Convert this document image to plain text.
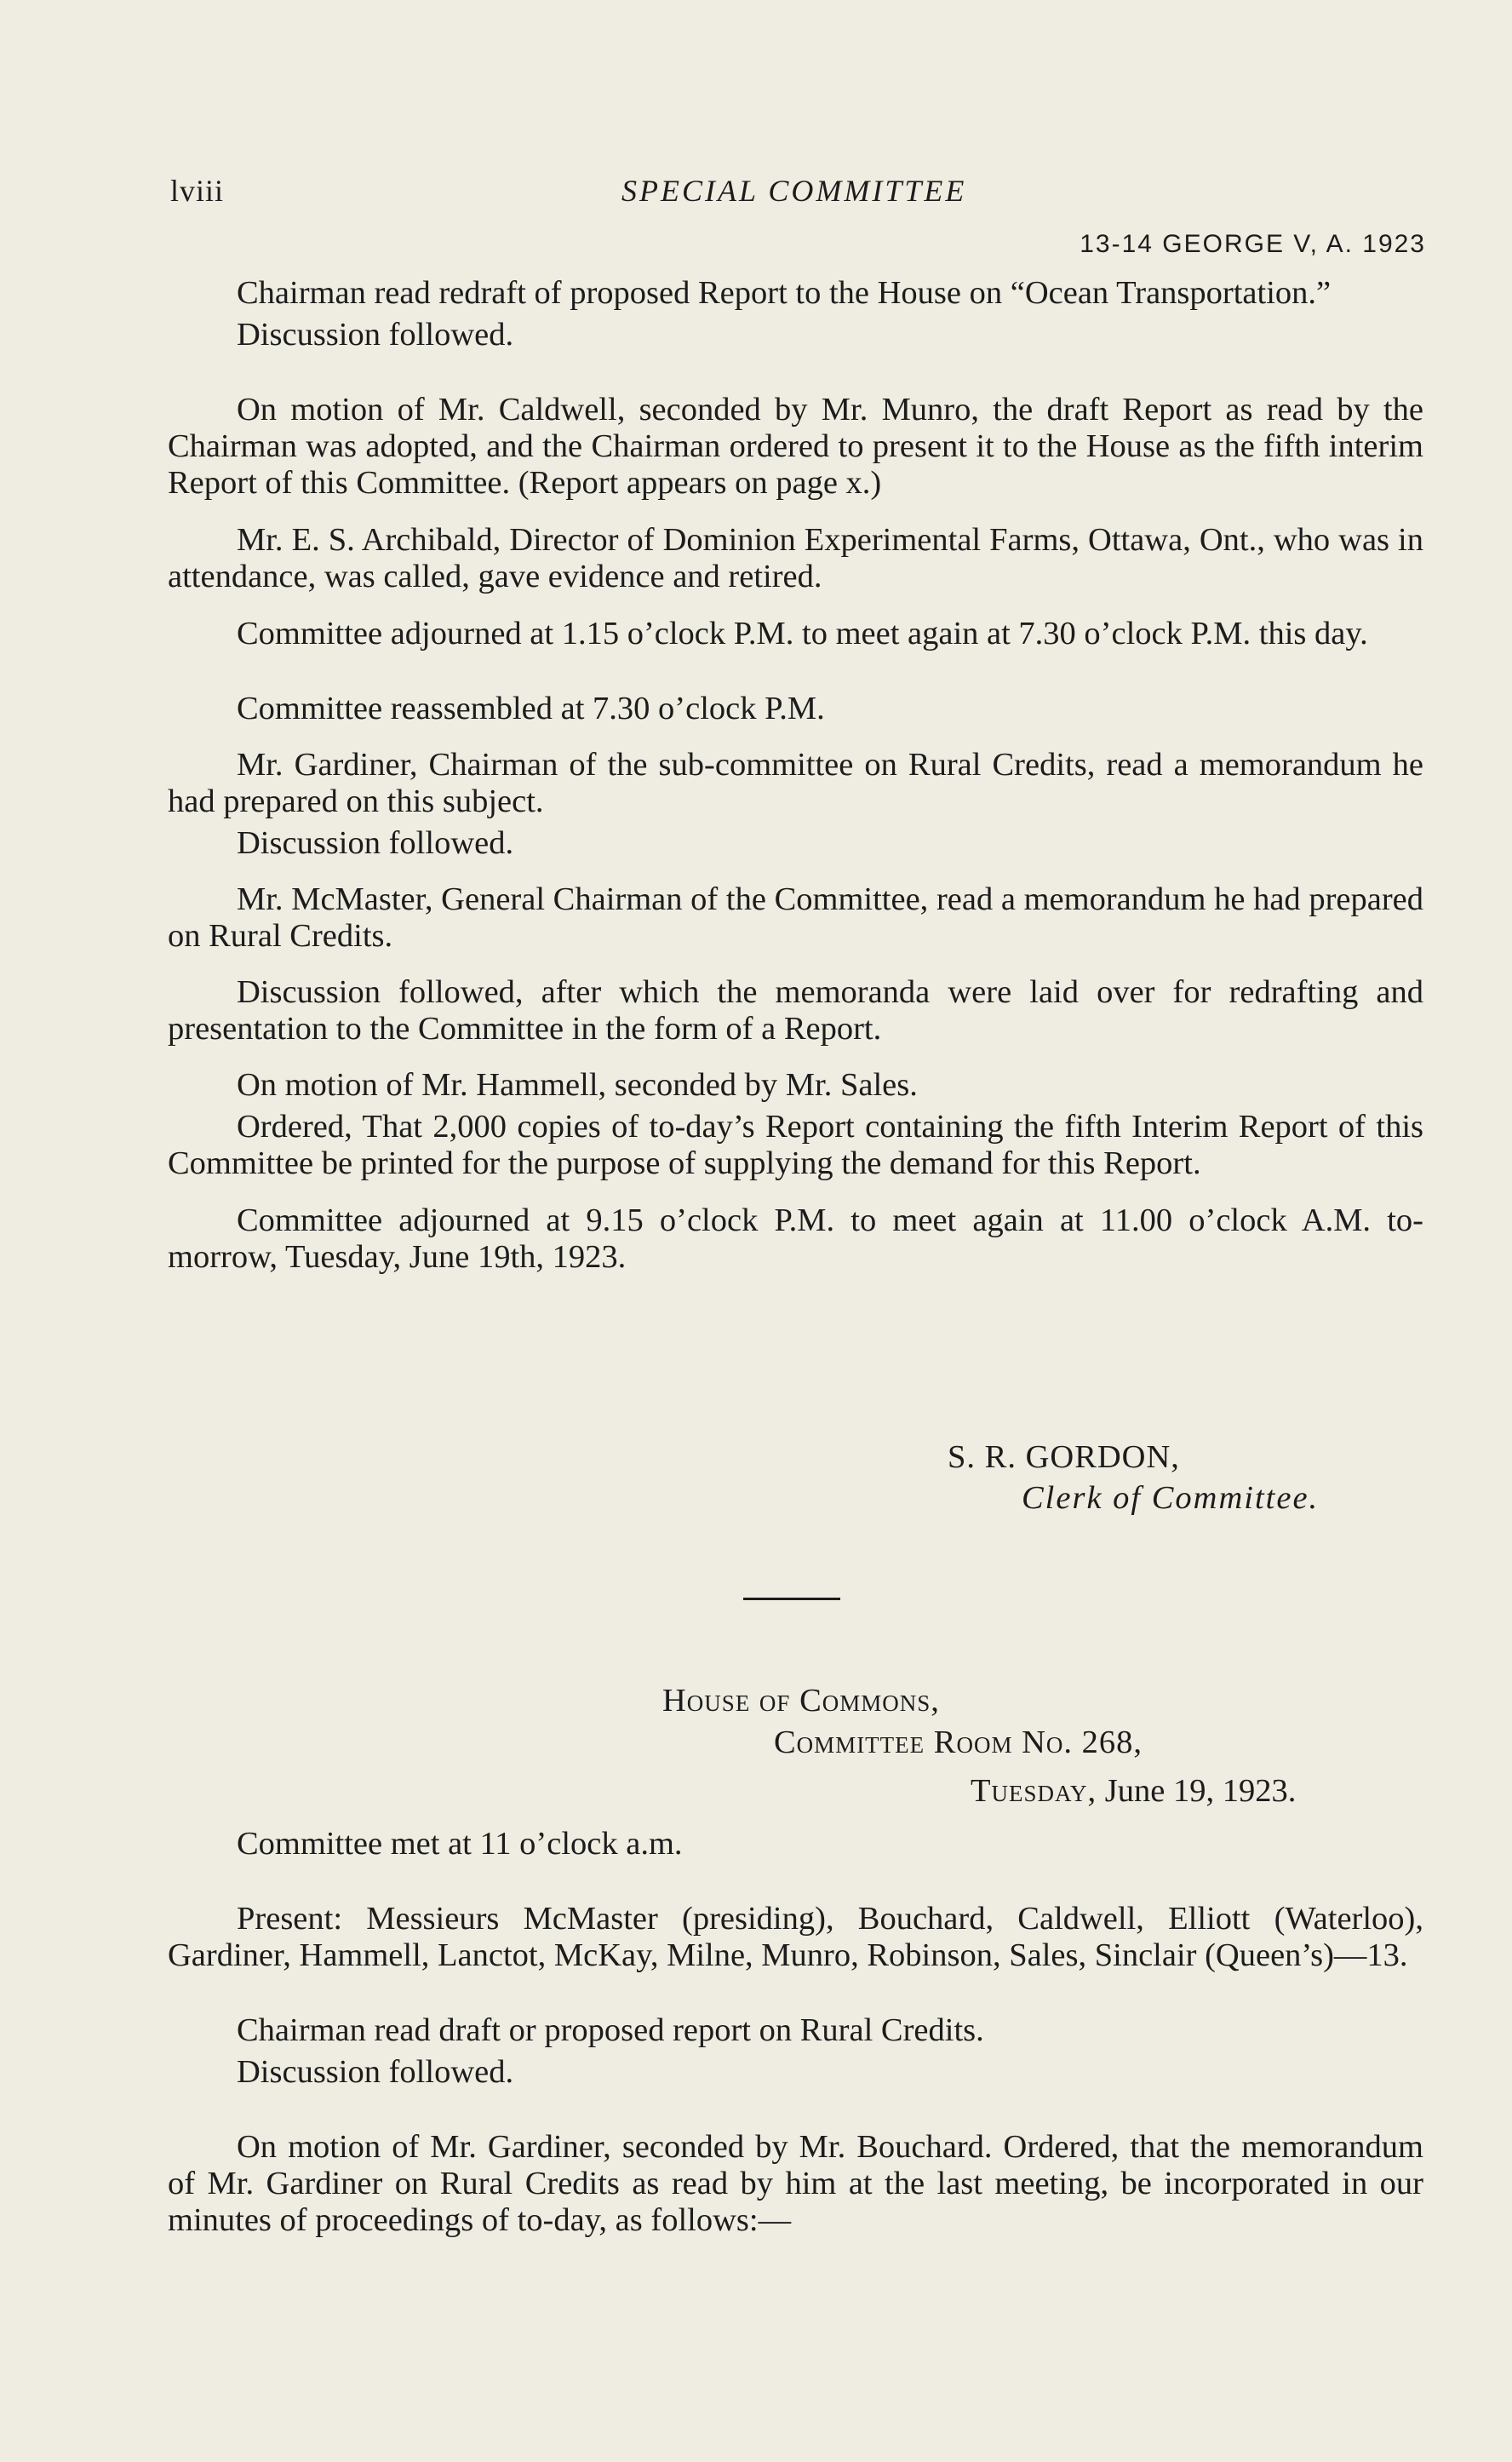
lviii	SPECIAL COMMITTEE
13-14 GEORGE V, A. 1923

Chairman read redraft of proposed Report to the House on “Ocean Transportation.”

Discussion followed.

On motion of Mr. Caldwell, seconded by Mr. Munro, the draft Report as read by the Chairman was adopted, and the Chairman ordered to present it to the House as the fifth interim Report of this Committee. (Report appears on page x.)

Mr. E. S. Archibald, Director of Dominion Experimental Farms, Ottawa, Ont., who was in attendance, was called, gave evidence and retired.

Committee adjourned at 1.15 o’clock P.M. to meet again at 7.30 o’clock P.M. this day.

Committee reassembled at 7.30 o’clock P.M.

Mr. Gardiner, Chairman of the sub-committee on Rural Credits, read a memorandum he had prepared on this subject.

Discussion followed.

Mr. McMaster, General Chairman of the Committee, read a memorandum he had prepared on Rural Credits.

Discussion followed, after which the memoranda were laid over for redrafting and presentation to the Committee in the form of a Report.

On motion of Mr. Hammell, seconded by Mr. Sales.

Ordered, That 2,000 copies of to-day’s Report containing the fifth Interim Report of this Committee be printed for the purpose of supplying the demand for this Report.

Committee adjourned at 9.15 o’clock P.M. to meet again at 11.00 o’clock A.M. to-morrow, Tuesday, June 19th, 1923.

S. R. GORDON,
Clerk of Committee.
House of Commons,
Committee Room No. 268,
Tuesday, June 19, 1923.

Committee met at 11 o’clock a.m.

Present: Messieurs McMaster (presiding), Bouchard, Caldwell, Elliott (Waterloo), Gardiner, Hammell, Lanctot, McKay, Milne, Munro, Robinson, Sales, Sinclair (Queen’s)—13.

Chairman read draft or proposed report on Rural Credits.

Discussion followed.

On motion of Mr. Gardiner, seconded by Mr. Bouchard. Ordered, that the memorandum of Mr. Gardiner on Rural Credits as read by him at the last meeting, be incorporated in our minutes of proceedings of to-day, as follows:—
